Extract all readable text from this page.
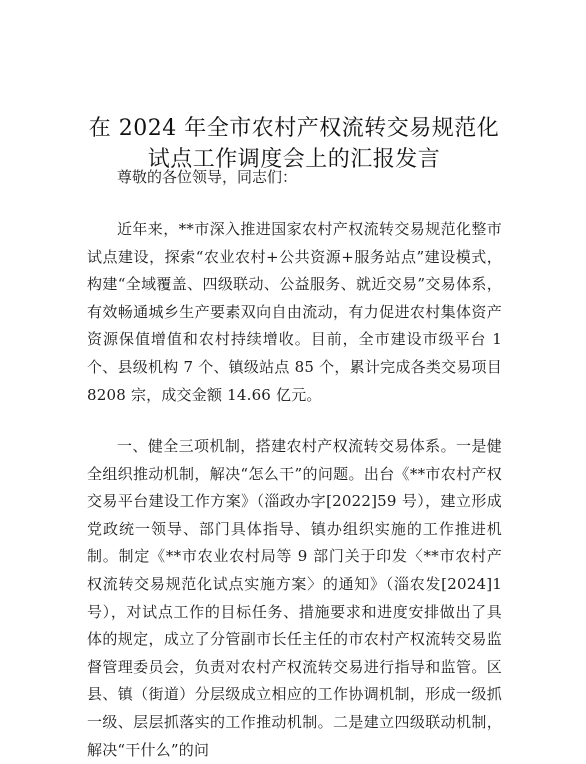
在 2024 年全市农村产权流转交易规范化试点工作调度会上的汇报发言
尊敬的各位领导，同志们：

近年来，**市深入推进国家农村产权流转交易规范化整市试点建设，探索“农业农村+公共资源+服务站点”建设模式，构建“全域覆盖、四级联动、公益服务、就近交易”交易体系，有效畅通城乡生产要素双向自由流动，有力促进农村集体资产资源保值增值和农村持续增收。目前，全市建设市级平台 1 个、县级机构 7 个、镇级站点 85 个，累计完成各类交易项目 8208 宗，成交金额 14.66 亿元。

一、健全三项机制，搭建农村产权流转交易体系。一是健全组织推动机制，解决“怎么干”的问题。出台《**市农村产权交易平台建设工作方案》（淄政办字[2022]59 号），建立形成党政统一领导、部门具体指导、镇办组织实施的工作推进机制。制定《**市农业农村局等 9 部门关于印发〈**市农村产权流转交易规范化试点实施方案〉的通知》（淄农发[2024]1 号），对试点工作的目标任务、措施要求和进度安排做出了具体的规定，成立了分管副市长任主任的市农村产权流转交易监督管理委员会，负责对农村产权流转交易进行指导和监管。区县、镇（街道）分层级成立相应的工作协调机制，形成一级抓一级、层层抓落实的工作推动机制。二是建立四级联动机制，解决“干什么”的问
